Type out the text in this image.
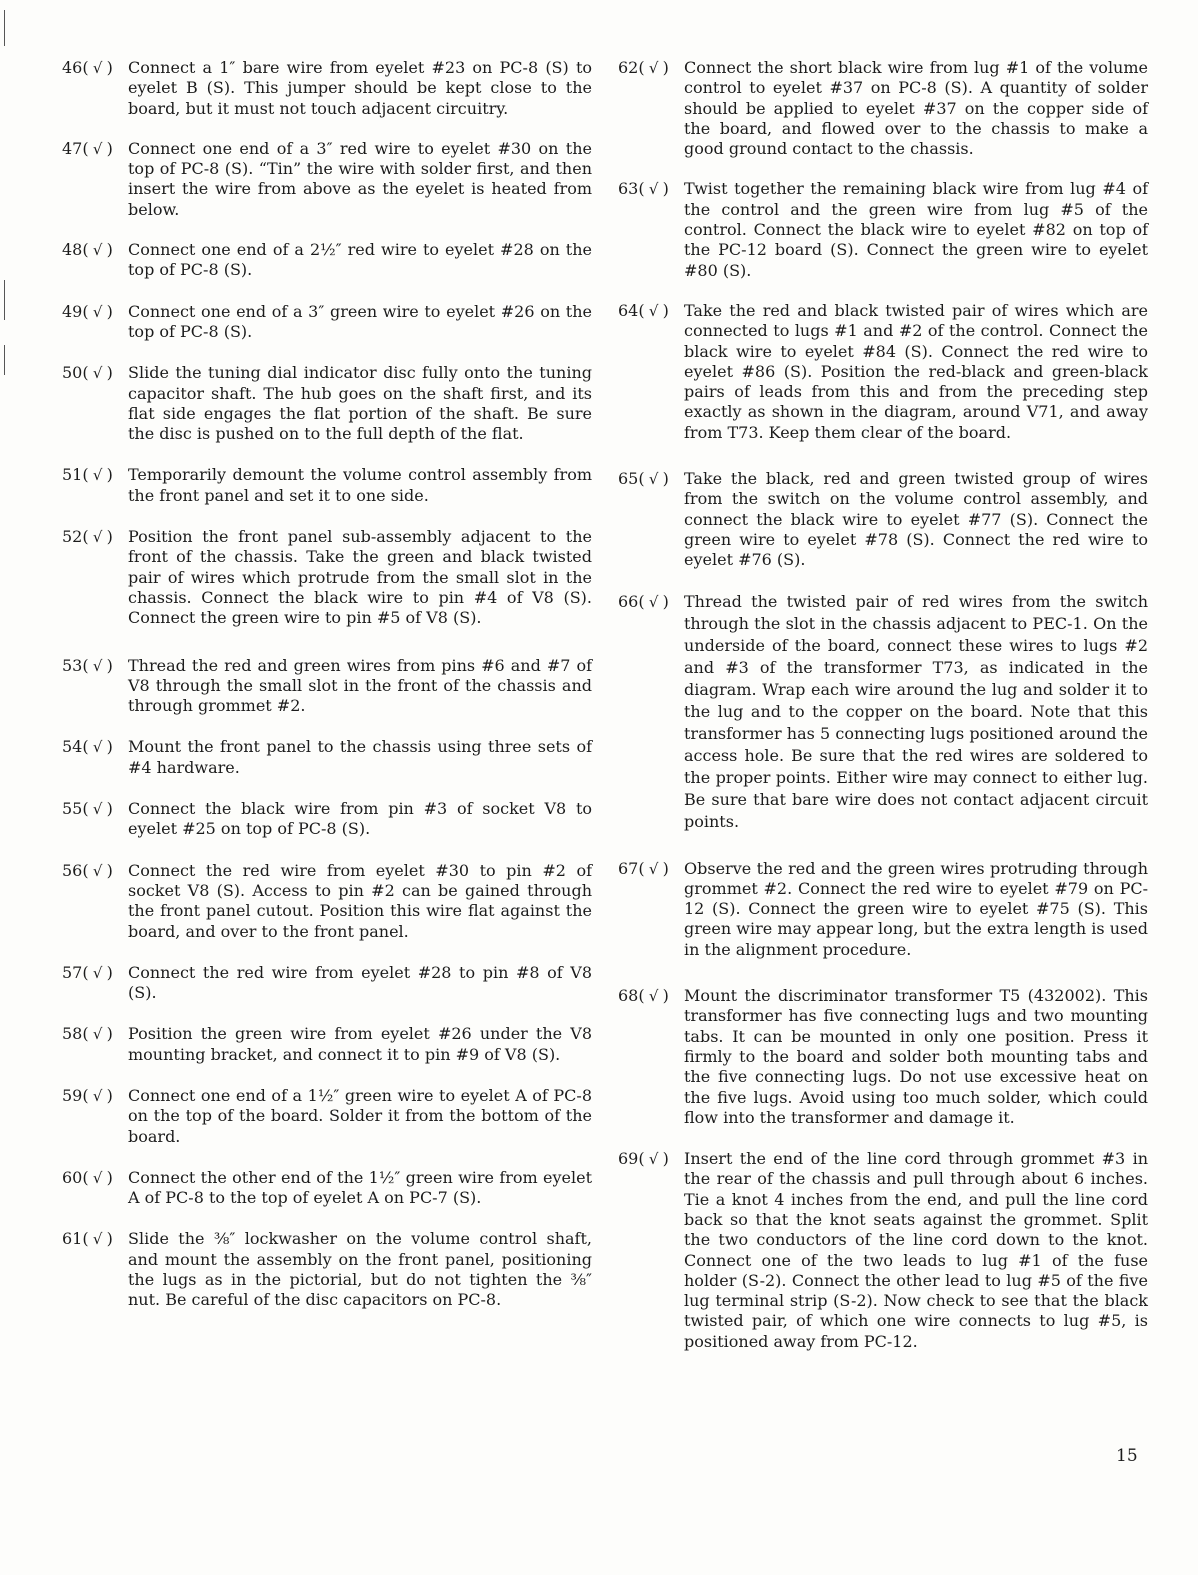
46( √ ) Connect a 1″ bare wire from eyelet #23 on PC-8 (S) to eyelet B (S). This jumper should be kept close to the board, but it must not touch adjacent circuitry.
47( √ ) Connect one end of a 3″ red wire to eyelet #30 on the top of PC-8 (S). “Tin” the wire with solder first, and then insert the wire from above as the eyelet is heated from below.
48( √ ) Connect one end of a 2½″ red wire to eyelet #28 on the top of PC-8 (S).
49( √ ) Connect one end of a 3″ green wire to eyelet #26 on the top of PC-8 (S).
50( √ ) Slide the tuning dial indicator disc fully onto the tuning capacitor shaft. The hub goes on the shaft first, and its flat side engages the flat portion of the shaft. Be sure the disc is pushed on to the full depth of the flat.
51( √ ) Temporarily demount the volume control assembly from the front panel and set it to one side.
52( √ ) Position the front panel sub-assembly adjacent to the front of the chassis. Take the green and black twisted pair of wires which protrude from the small slot in the chassis. Connect the black wire to pin #4 of V8 (S). Connect the green wire to pin #5 of V8 (S).
53( √ ) Thread the red and green wires from pins #6 and #7 of V8 through the small slot in the front of the chassis and through grommet #2.
54( √ ) Mount the front panel to the chassis using three sets of #4 hardware.
55( √ ) Connect the black wire from pin #3 of socket V8 to eyelet #25 on top of PC-8 (S).
56( √ ) Connect the red wire from eyelet #30 to pin #2 of socket V8 (S). Access to pin #2 can be gained through the front panel cutout. Position this wire flat against the board, and over to the front panel.
57( √ ) Connect the red wire from eyelet #28 to pin #8 of V8 (S).
58( √ ) Position the green wire from eyelet #26 under the V8 mounting bracket, and connect it to pin #9 of V8 (S).
59( √ ) Connect one end of a 1½″ green wire to eyelet A of PC-8 on the top of the board. Solder it from the bottom of the board.
60( √ ) Connect the other end of the 1½″ green wire from eyelet A of PC-8 to the top of eyelet A on PC-7 (S).
61( √ ) Slide the ⅜″ lockwasher on the volume control shaft, and mount the assembly on the front panel, positioning the lugs as in the pictorial, but do not tighten the ⅜″ nut. Be careful of the disc capacitors on PC-8.
62( √ ) Connect the short black wire from lug #1 of the volume control to eyelet #37 on PC-8 (S). A quantity of solder should be applied to eyelet #37 on the copper side of the board, and flowed over to the chassis to make a good ground contact to the chassis.
63( √ ) Twist together the remaining black wire from lug #4 of the control and the green wire from lug #5 of the control. Connect the black wire to eyelet #82 on top of the PC-12 board (S). Connect the green wire to eyelet #80 (S).
64( √ ) Take the red and black twisted pair of wires which are connected to lugs #1 and #2 of the control. Connect the black wire to eyelet #84 (S). Connect the red wire to eyelet #86 (S). Position the red-black and green-black pairs of leads from this and from the preceding step exactly as shown in the diagram, around V71, and away from T73. Keep them clear of the board.
65( √ ) Take the black, red and green twisted group of wires from the switch on the volume control assembly, and connect the black wire to eyelet #77 (S). Connect the green wire to eyelet #78 (S). Connect the red wire to eyelet #76 (S).
66( √ ) Thread the twisted pair of red wires from the switch through the slot in the chassis adjacent to PEC-1. On the underside of the board, connect these wires to lugs #2 and #3 of the transformer T73, as indicated in the diagram. Wrap each wire around the lug and solder it to the lug and to the copper on the board. Note that this transformer has 5 connecting lugs positioned around the access hole. Be sure that the red wires are soldered to the proper points. Either wire may connect to either lug. Be sure that bare wire does not contact adjacent circuit points.
67( √ ) Observe the red and the green wires protruding through grommet #2. Connect the red wire to eyelet #79 on PC-12 (S). Connect the green wire to eyelet #75 (S). This green wire may appear long, but the extra length is used in the alignment procedure.
68( √ ) Mount the discriminator transformer T5 (432002). This transformer has five connecting lugs and two mounting tabs. It can be mounted in only one position. Press it firmly to the board and solder both mounting tabs and the five connecting lugs. Do not use excessive heat on the five lugs. Avoid using too much solder, which could flow into the transformer and damage it.
69( √ ) Insert the end of the line cord through grommet #3 in the rear of the chassis and pull through about 6 inches. Tie a knot 4 inches from the end, and pull the line cord back so that the knot seats against the grommet. Split the two conductors of the line cord down to the knot. Connect one of the two leads to lug #1 of the fuse holder (S-2). Connect the other lead to lug #5 of the five lug terminal strip (S-2). Now check to see that the black twisted pair, of which one wire connects to lug #5, is positioned away from PC-12.
15
